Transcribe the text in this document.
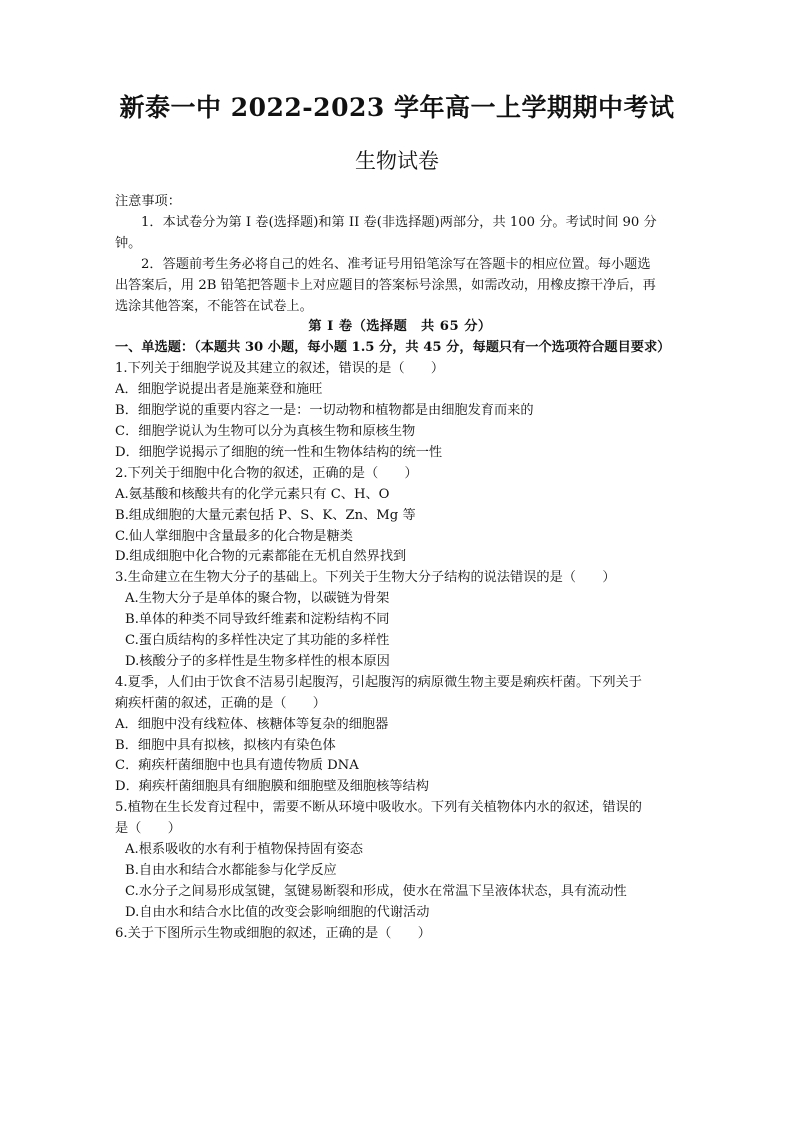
新泰一中 2022-2023 学年高一上学期期中考试
生物试卷
注意事项：
1．本试卷分为第 I 卷(选择题)和第 II 卷(非选择题)两部分，共 100 分。考试时间 90 分
钟。
2．答题前考生务必将自己的姓名、准考证号用铅笔涂写在答题卡的相应位置。每小题选
出答案后，用 2B 铅笔把答题卡上对应题目的答案标号涂黑，如需改动，用橡皮擦干净后，再
选涂其他答案，不能答在试卷上。
第 Ⅰ 卷（选择题　共 65 分）
一、单选题：（本题共 30 小题，每小题 1.5 分，共 45 分，每题只有一个选项符合题目要求）
1.下列关于细胞学说及其建立的叙述，错误的是（　　）
A．细胞学说提出者是施莱登和施旺
B．细胞学说的重要内容之一是：一切动物和植物都是由细胞发育而来的
C．细胞学说认为生物可以分为真核生物和原核生物
D．细胞学说揭示了细胞的统一性和生物体结构的统一性
2.下列关于细胞中化合物的叙述，正确的是（　　）
A.氨基酸和核酸共有的化学元素只有 C、H、O
B.组成细胞的大量元素包括 P、S、K、Zn、Mg 等
C.仙人掌细胞中含量最多的化合物是糖类
D.组成细胞中化合物的元素都能在无机自然界找到
3.生命建立在生物大分子的基础上。下列关于生物大分子结构的说法错误的是（　　）
A.生物大分子是单体的聚合物，以碳链为骨架
B.单体的种类不同导致纤维素和淀粉结构不同
C.蛋白质结构的多样性决定了其功能的多样性
D.核酸分子的多样性是生物多样性的根本原因
4.夏季，人们由于饮食不洁易引起腹泻，引起腹泻的病原微生物主要是痢疾杆菌。下列关于
痢疾杆菌的叙述，正确的是（　　）
A．细胞中没有线粒体、核糖体等复杂的细胞器
B．细胞中具有拟核，拟核内有染色体
C．痢疾杆菌细胞中也具有遗传物质 DNA
D．痢疾杆菌细胞具有细胞膜和细胞壁及细胞核等结构
5.植物在生长发育过程中，需要不断从环境中吸收水。下列有关植物体内水的叙述，错误的
是（　　）
A.根系吸收的水有利于植物保持固有姿态
B.自由水和结合水都能参与化学反应
C.水分子之间易形成氢键，氢键易断裂和形成，使水在常温下呈液体状态，具有流动性
D.自由水和结合水比值的改变会影响细胞的代谢活动
6.关于下图所示生物或细胞的叙述，正确的是（　　）
